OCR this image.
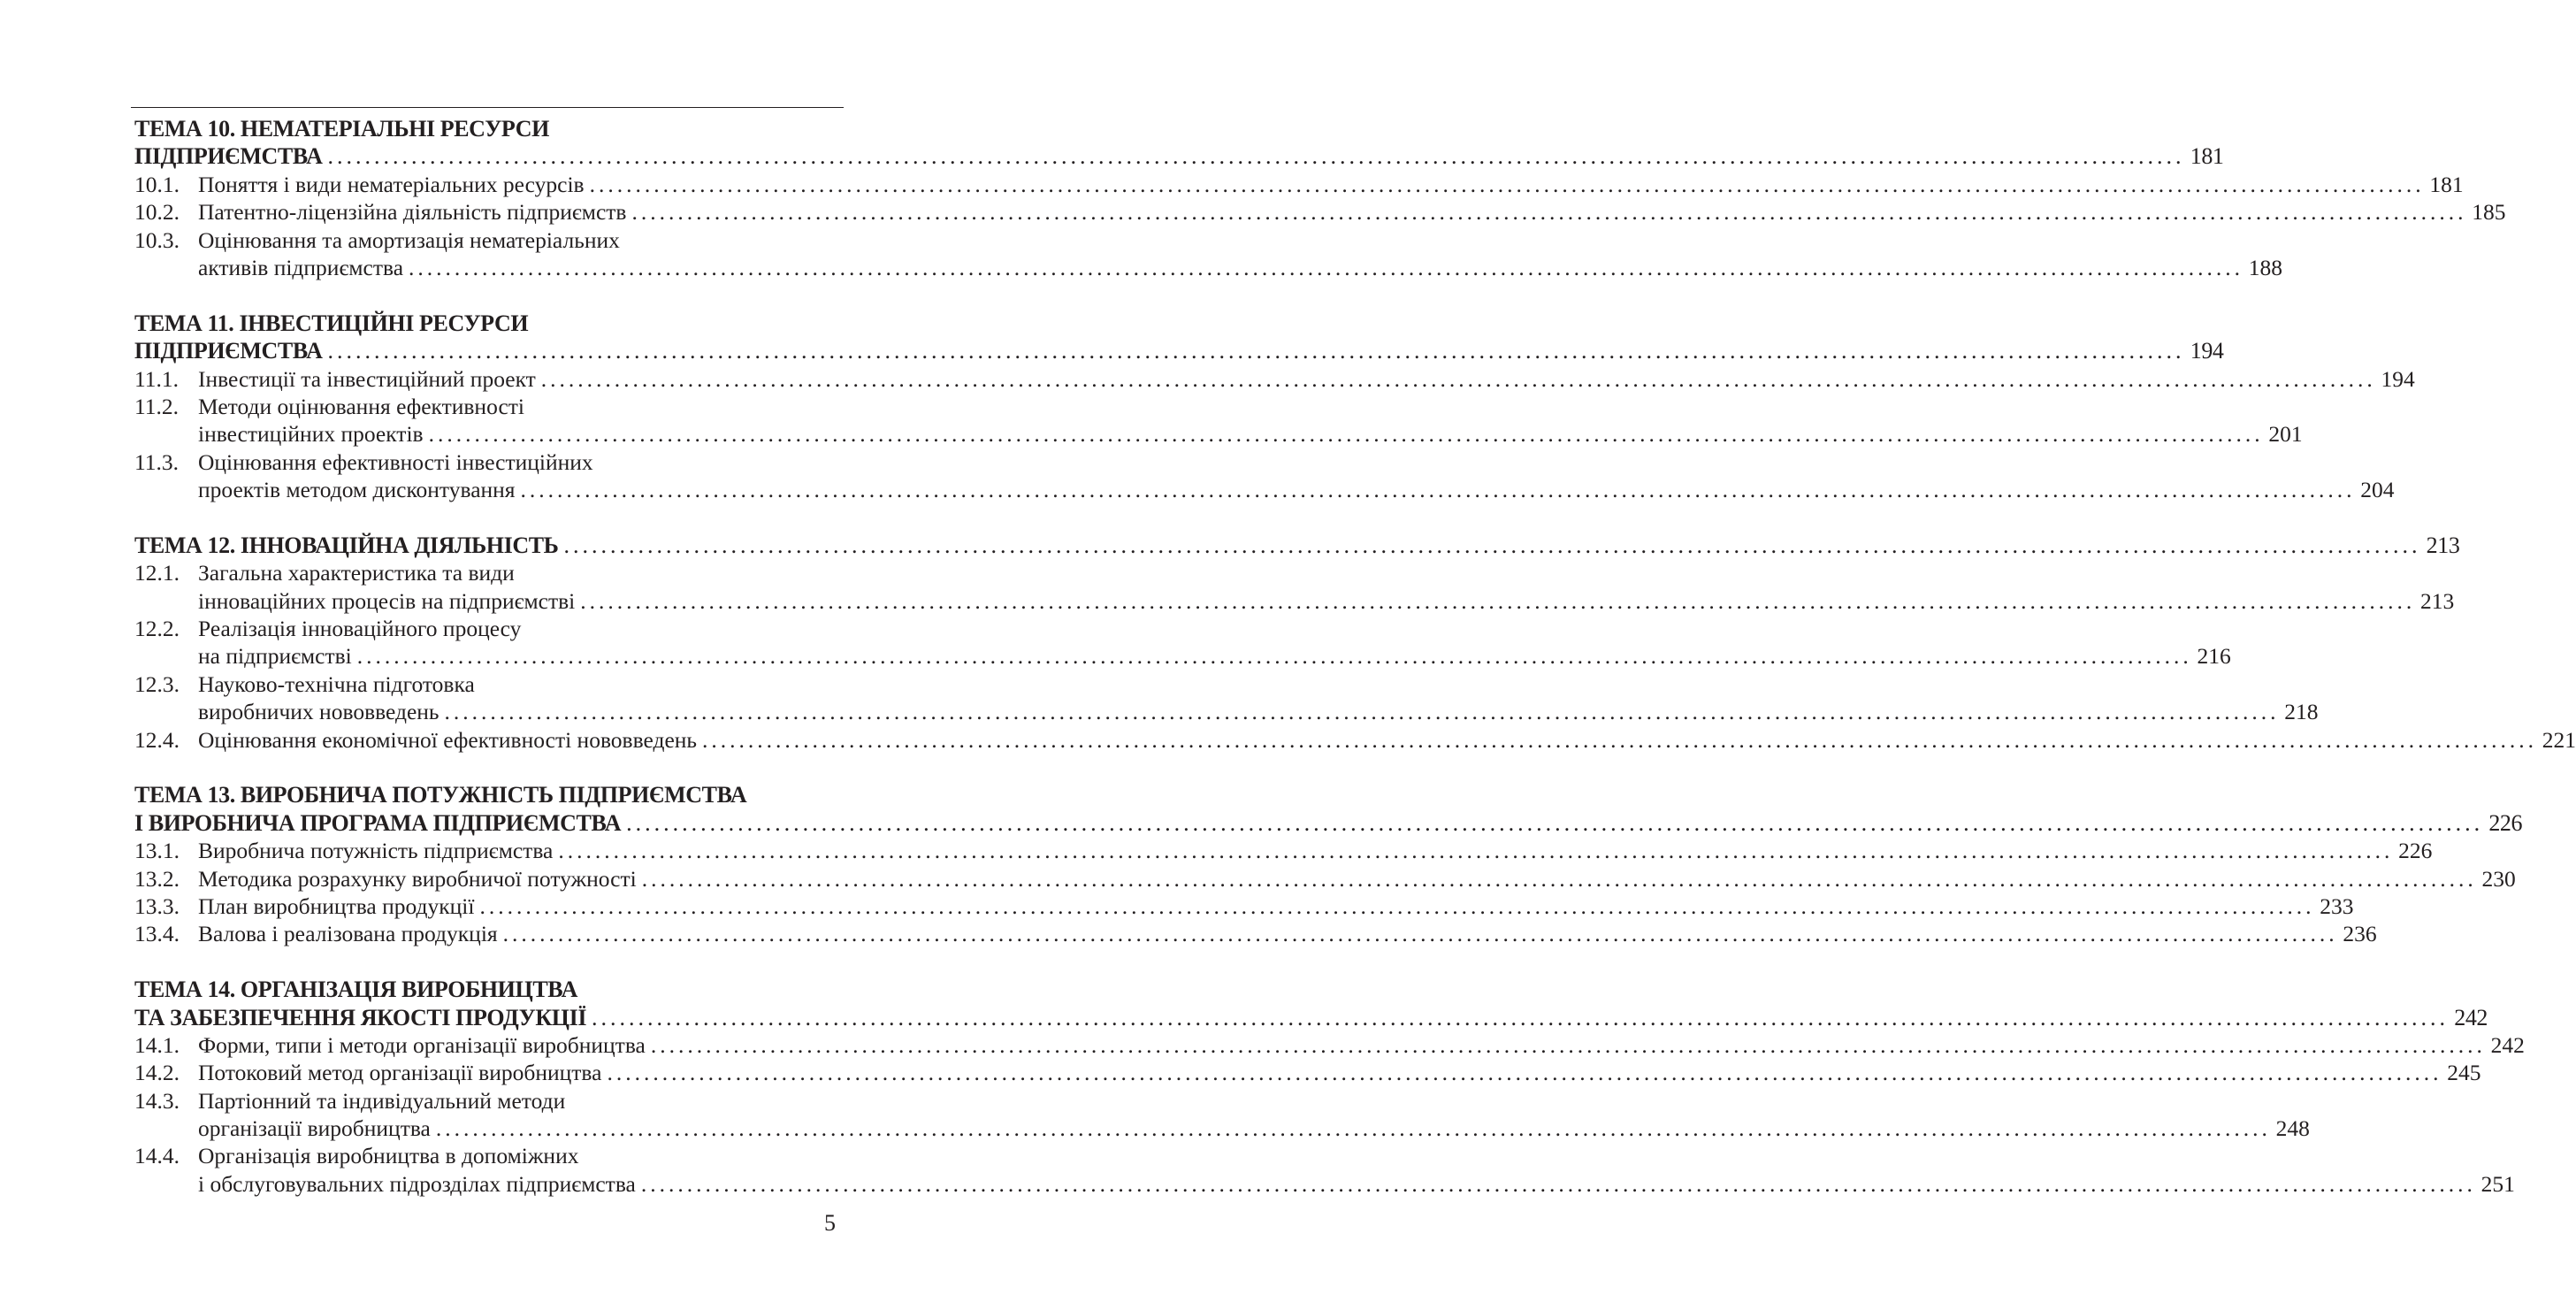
ТЕМА 10. НЕМАТЕРІАЛЬНІ РЕСУРСИ
ПІДПРИЄМСТВА ........................................................................................................................................................................................................ 181
10.1. Поняття і види нематеріальних ресурсів ........................................................................................................................................................................................................ 181
10.2. Патентно-ліцензійна діяльність підприємств ........................................................................................................................................................................................................ 185
10.3. Оцінювання та амортизація нематеріальних
активів підприємства ........................................................................................................................................................................................................ 188
ТЕМА 11. ІНВЕСТИЦІЙНІ РЕСУРСИ
ПІДПРИЄМСТВА ........................................................................................................................................................................................................ 194
11.1. Інвестиції та інвестиційний проект ........................................................................................................................................................................................................ 194
11.2. Методи оцінювання ефективності
інвестиційних проектів ........................................................................................................................................................................................................ 201
11.3. Оцінювання ефективності інвестиційних
проектів методом дисконтування ........................................................................................................................................................................................................ 204
ТЕМА 12. ІННОВАЦІЙНА ДІЯЛЬНІСТЬ ........................................................................................................................................................................................................ 213
12.1. Загальна характеристика та види
інноваційних процесів на підприємстві ........................................................................................................................................................................................................ 213
12.2. Реалізація інноваційного процесу
на підприємстві ........................................................................................................................................................................................................ 216
12.3. Науково-технічна підготовка
виробничих нововведень ........................................................................................................................................................................................................ 218
12.4. Оцінювання економічної ефективності нововведень ........................................................................................................................................................................................................ 221
ТЕМА 13. ВИРОБНИЧА ПОТУЖНІСТЬ ПІДПРИЄМСТВА
І ВИРОБНИЧА ПРОГРАМА ПІДПРИЄМСТВА ........................................................................................................................................................................................................ 226
13.1. Виробнича потужність підприємства ........................................................................................................................................................................................................ 226
13.2. Методика розрахунку виробничої потужності ........................................................................................................................................................................................................ 230
13.3. План виробництва продукції ........................................................................................................................................................................................................ 233
13.4. Валова і реалізована продукція ........................................................................................................................................................................................................ 236
ТЕМА 14. ОРГАНІЗАЦІЯ ВИРОБНИЦТВА
ТА ЗАБЕЗПЕЧЕННЯ ЯКОСТІ ПРОДУКЦІЇ ........................................................................................................................................................................................................ 242
14.1. Форми, типи і методи організації виробництва ........................................................................................................................................................................................................ 242
14.2. Потоковий метод організації виробництва ........................................................................................................................................................................................................ 245
14.3. Партіонний та індивідуальний методи
організації виробництва ........................................................................................................................................................................................................ 248
14.4. Організація виробництва в допоміжних
і обслуговувальних підрозділах підприємства ........................................................................................................................................................................................................ 251
5
